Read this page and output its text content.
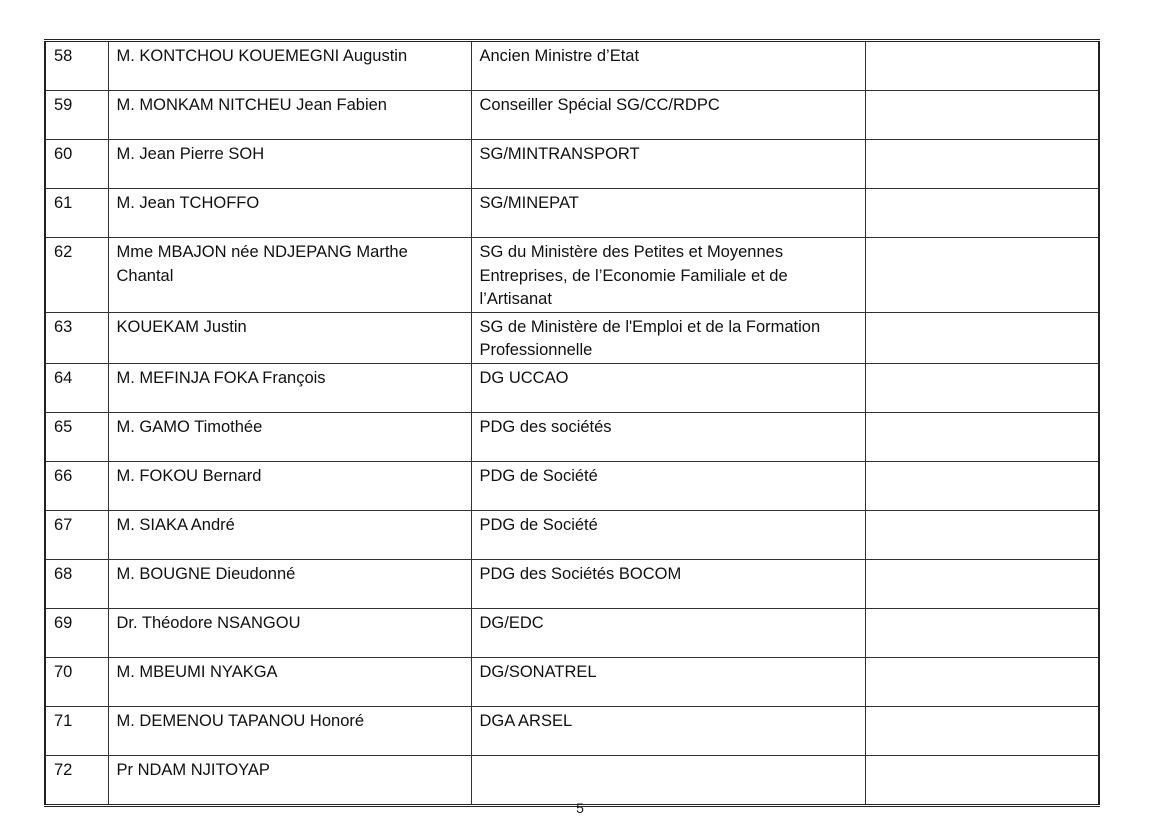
58	M. KONTCHOU KOUEMEGNI Augustin	Ancien Ministre d’Etat	
59	M. MONKAM NITCHEU Jean Fabien	Conseiller Spécial SG/CC/RDPC	
60	M. Jean Pierre SOH	SG/MINTRANSPORT	
61	M. Jean TCHOFFO	SG/MINEPAT	
62	Mme MBAJON née NDJEPANG Marthe Chantal	SG du Ministère des Petites et Moyennes Entreprises, de l’Economie Familiale et de l’Artisanat	
63	KOUEKAM Justin	SG de Ministère de l'Emploi et de la Formation Professionnelle	
64	M. MEFINJA FOKA François	DG UCCAO	
65	M. GAMO Timothée	PDG des sociétés	
66	M. FOKOU Bernard	PDG de Société	
67	M. SIAKA André	PDG de Société	
68	M. BOUGNE Dieudonné	PDG des Sociétés BOCOM	
69	Dr. Théodore NSANGOU	DG/EDC	
70	M. MBEUMI NYAKGA	DG/SONATREL	
71	M. DEMENOU TAPANOU Honoré	DGA ARSEL	
72	Pr NDAM NJITOYAP		
5
